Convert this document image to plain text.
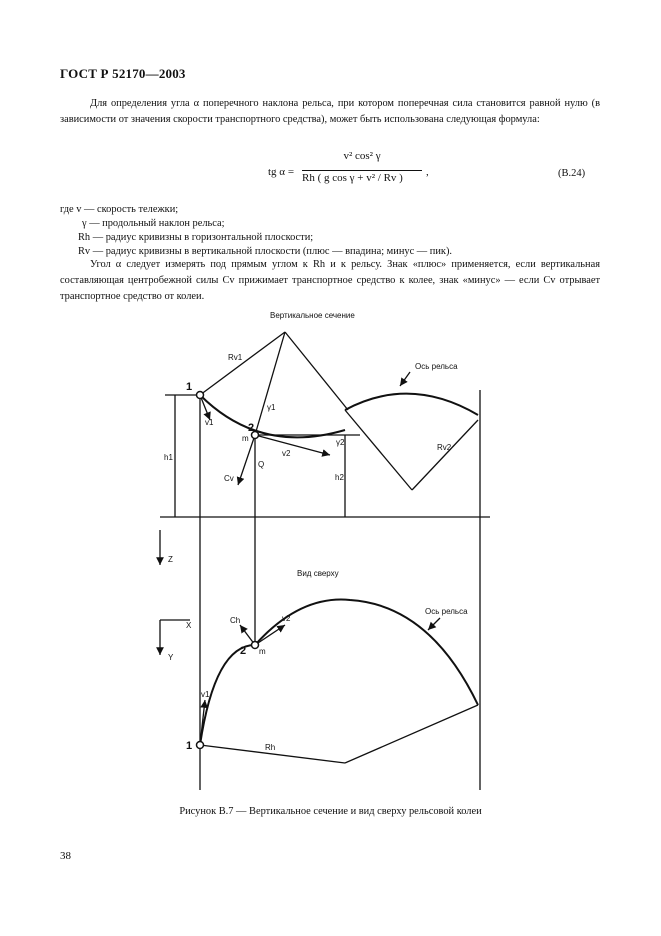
ГОСТ Р 52170—2003

Для определения угла α поперечного наклона рельса, при котором поперечная сила становится равной нулю (в зависимости от значения скорости транспортного средства), может быть использована следующая формула:

tg α =
v² cos² γ
Rh ( g cos γ + v² / Rv )	,	(B.24)
где v — скорость тележки;
γ — продольный наклон рельса;
Rh — радиус кривизны в горизонтальной плоскости;
Rv — радиус кривизны в вертикальной плоскости (плюс — впадина; минус — пик).

Угол α следует измерять под прямым углом к Rh и к рельсу. Знак «плюс» применяется, если вертикальная составляющая центробежной силы Cv прижимает транспортное средство к колее, знак «минус» — если Cv отрывает транспортное средство от колеи.

Вертикальное сечение
Вид сверху
Ось рельса
Ось рельса
1
2
m
v1
v2
Cv
Q
h1
h2
Rv1
Rv2
γ1
γ2
Z
X
Y
Ch	v2
2 m
v1
1	Rh
Рисунок В.7 — Вертикальное сечение и вид сверху рельсовой колеи
38
